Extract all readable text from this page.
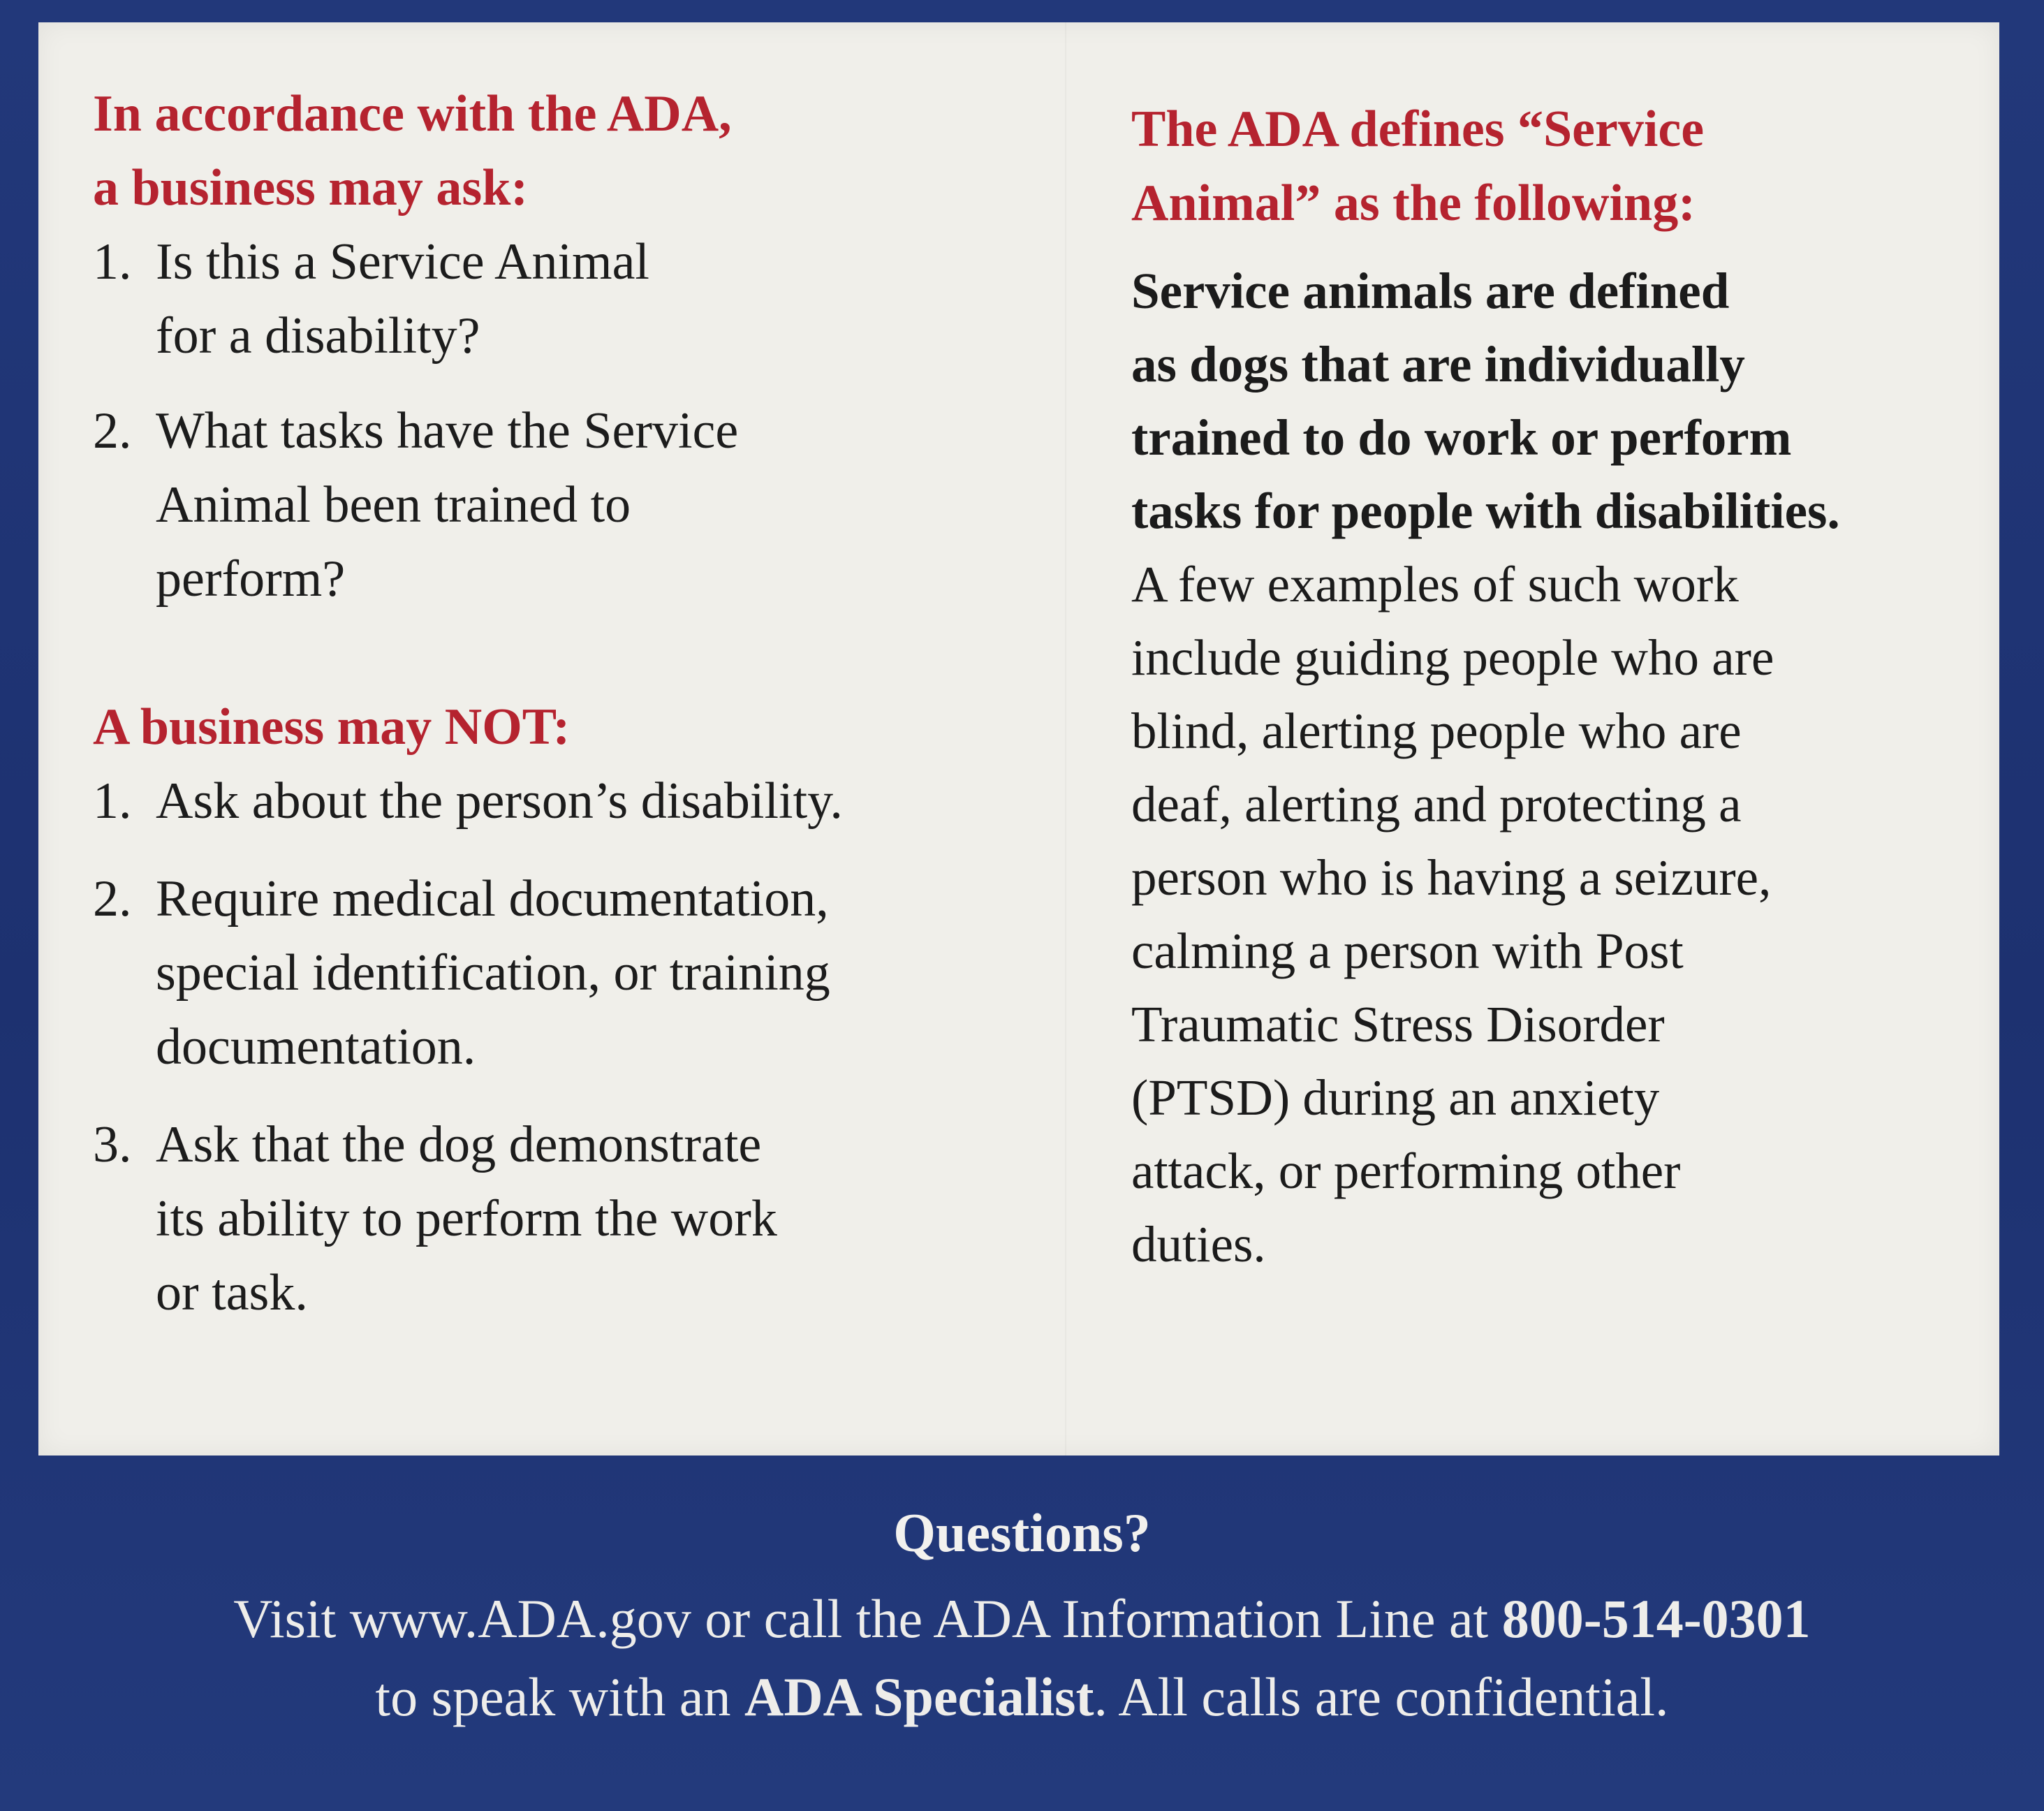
In accordance with the ADA,
a business may ask:
1. Is this a Service Animal
for a disability?
2. What tasks have the Service
Animal been trained to
perform?
A business may NOT:
1. Ask about the person’s disability.
2. Require medical documentation,
special identification, or training
documentation.
3. Ask that the dog demonstrate
its ability to perform the work
or task.
The ADA defines “Service
Animal” as the following:
Service animals are defined
as dogs that are individually
trained to do work or perform
tasks for people with disabilities.
A few examples of such work
include guiding people who are
blind, alerting people who are
deaf, alerting and protecting a
person who is having a seizure,
calming a person with Post
Traumatic Stress Disorder
(PTSD) during an anxiety
attack, or performing other
duties.
Questions?
Visit www.ADA.gov or call the ADA Information Line at 800-514-0301
to speak with an ADA Specialist. All calls are confidential.
